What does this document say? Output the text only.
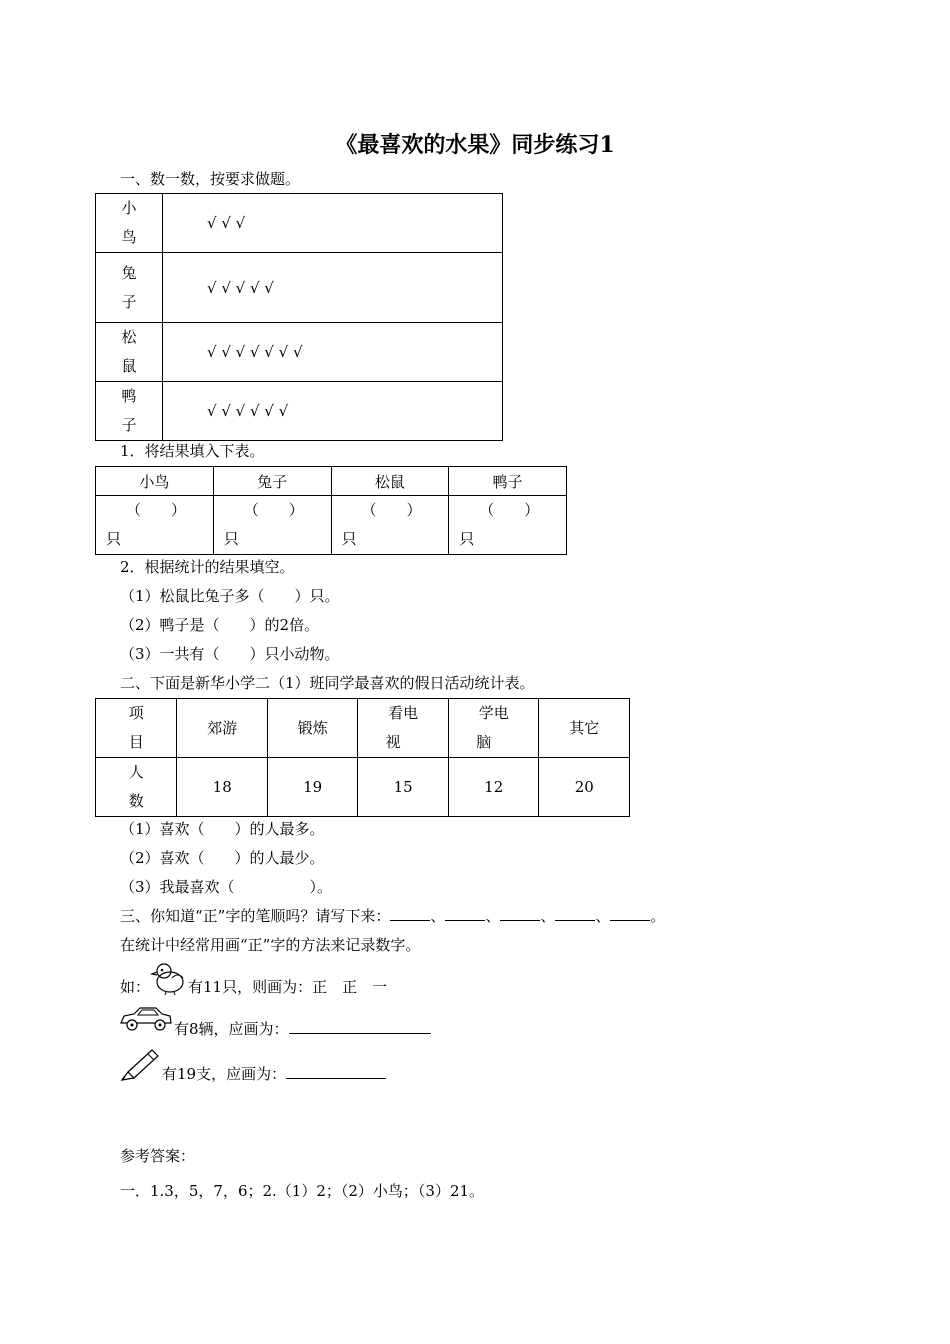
《最喜欢的水果》同步练习1
一、数一数，按要求做题。
小
鸟	√ √ √
兔
子	√ √ √ √ √
松
鼠	√ √ √ √ √ √ √
鸭
子	√ √ √ √ √ √
1．将结果填入下表。
小鸟	兔子	松鼠	鸭子
（　　）
只	（　　）
只	（　　）
只	（　　）
只
2．根据统计的结果填空。
（1）松鼠比兔子多（　　）只。
（2）鸭子是（　　）的2倍。
（3）一共有（　　）只小动物。
二、下面是新华小学二（1）班同学最喜欢的假日活动统计表。
项
目	郊游	锻炼	看电
视	学电
脑	其它
人
数	18	19	15	12	20
（1）喜欢（　　）的人最多。
（2）喜欢（　　）的人最少。
（3）我最喜欢（　　　　　）。
三、你知道“正”字的笔顺吗？请写下来：	、	、	、	、	。
在统计中经常用画“正”字的方法来记录数字。
如：	有11只，则画为：正　正　一
有8辆，应画为：
有19支，应画为：
参考答案：
一．1.3，5，7，6；2.（1）2；（2）小鸟；（3）21。
